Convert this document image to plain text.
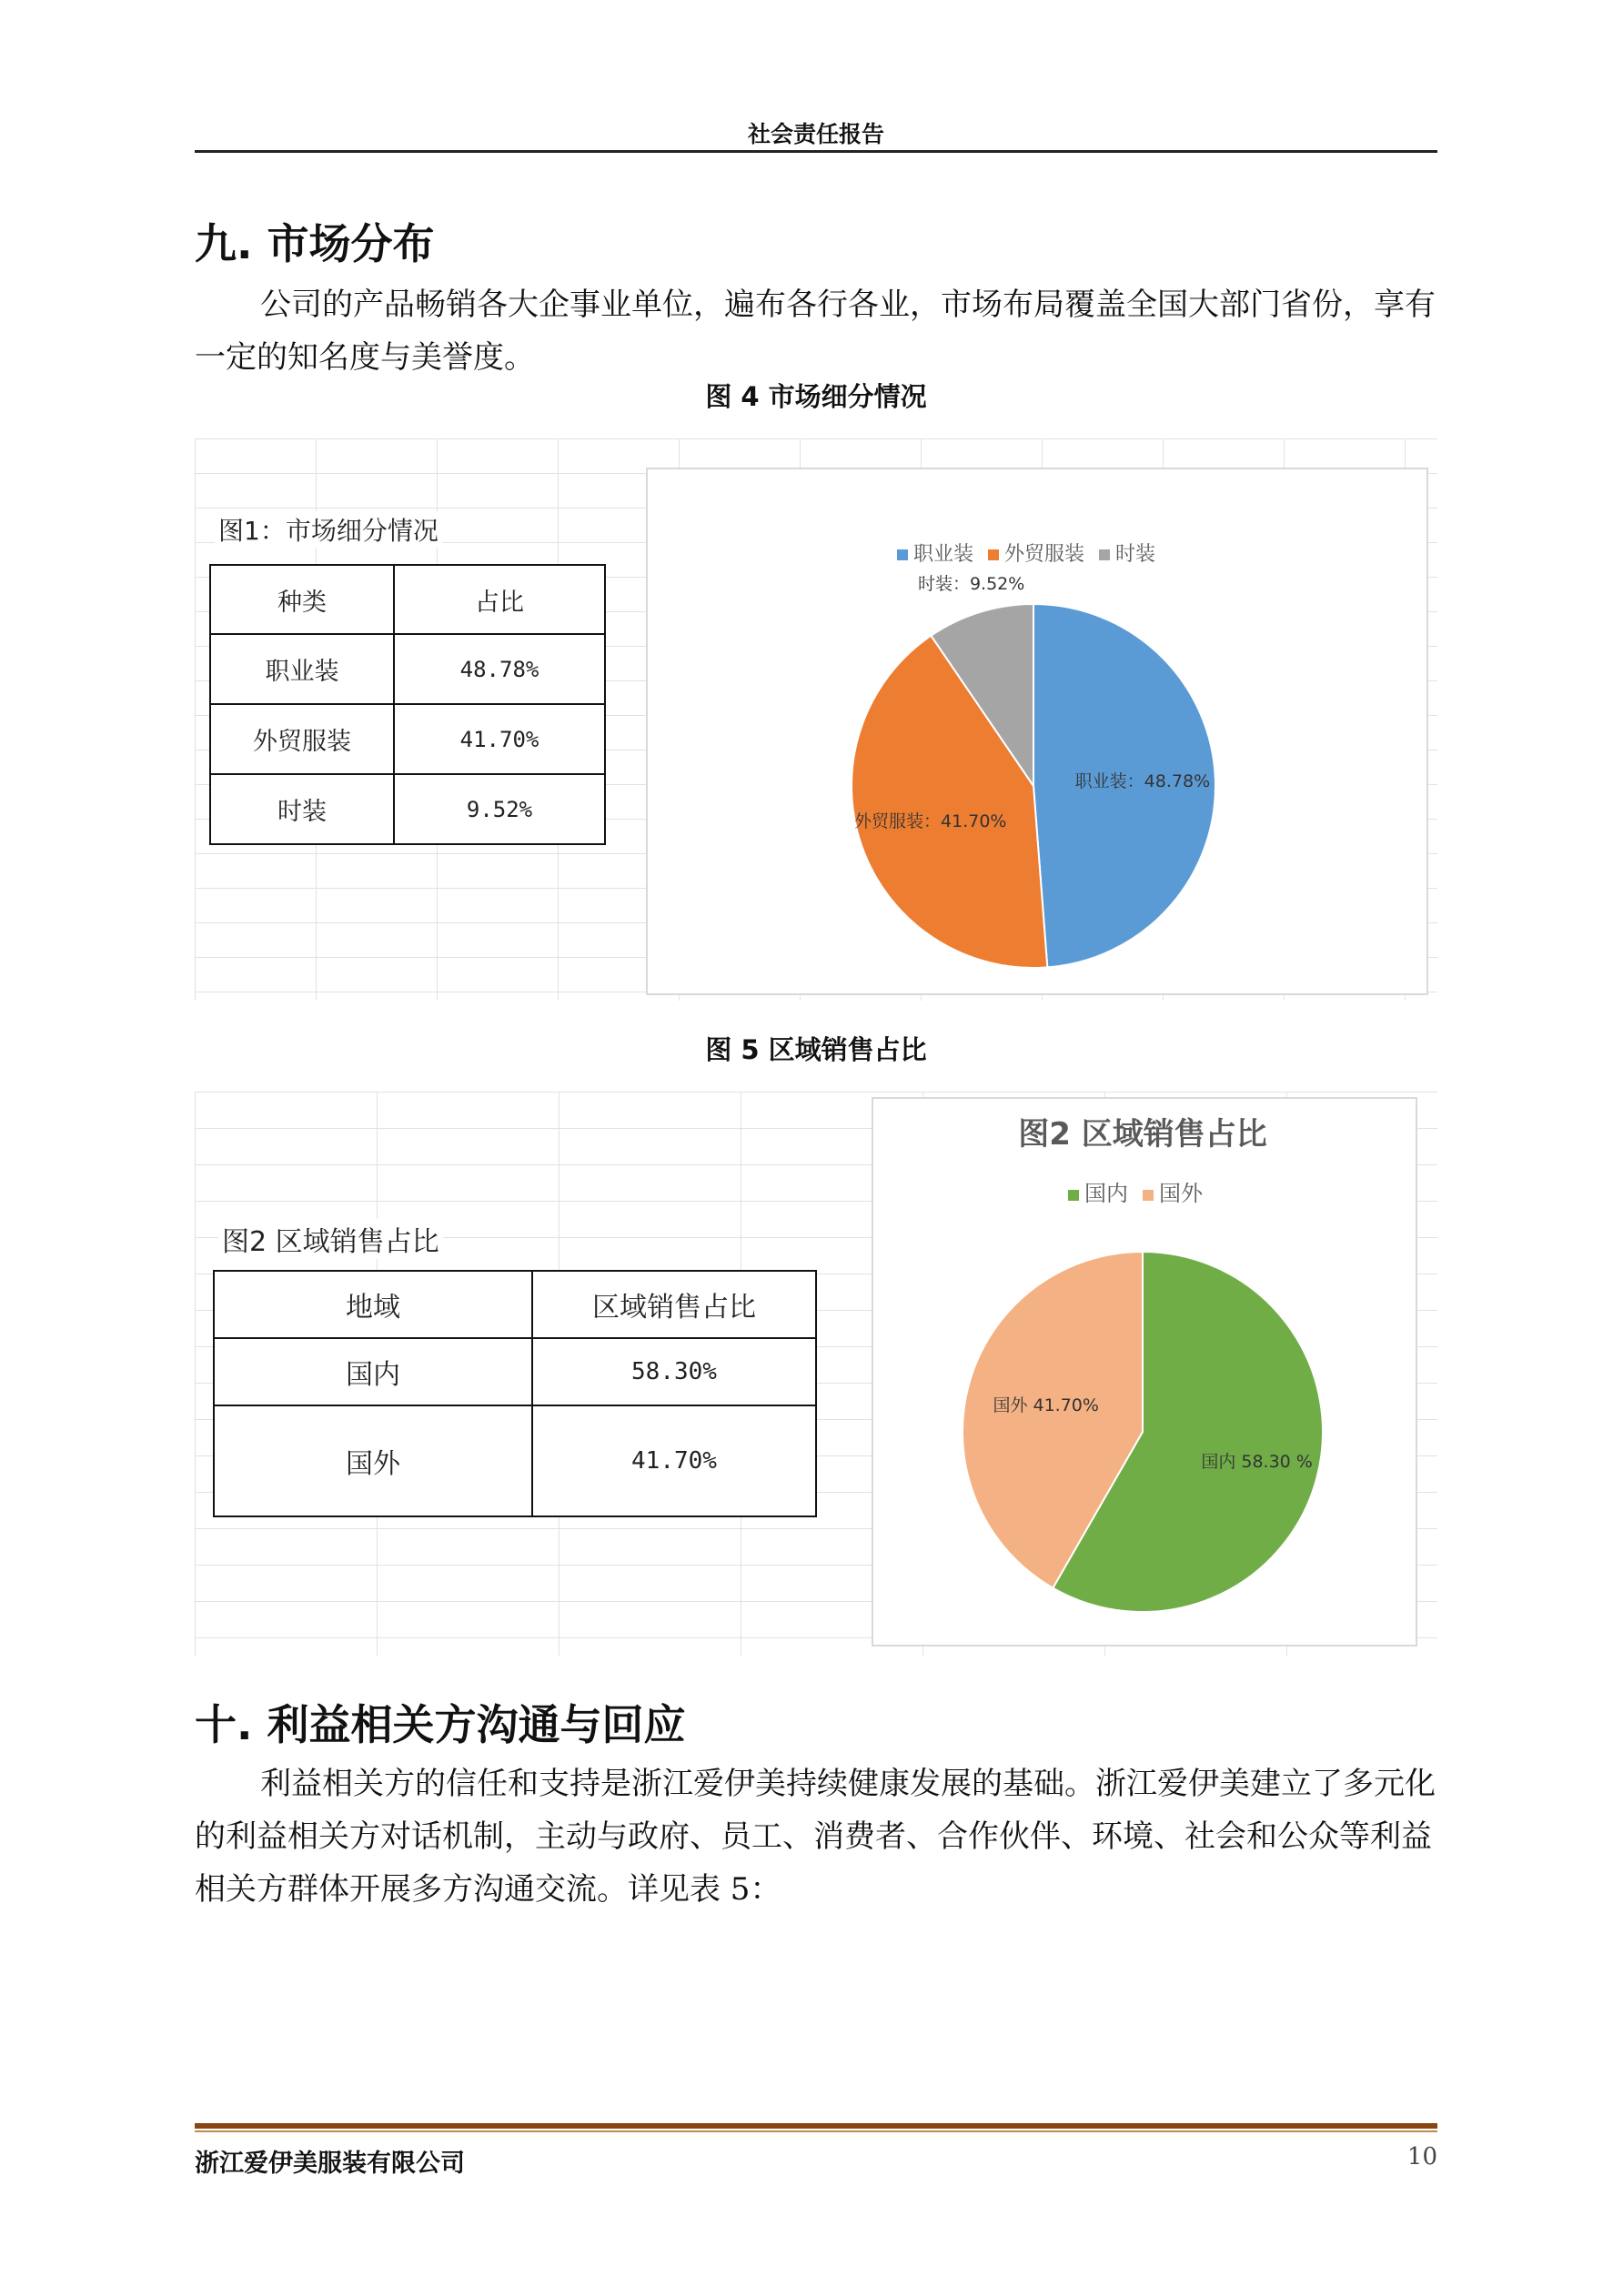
社会责任报告
九. 市场分布

公司的产品畅销各大企事业单位，遍布各行各业，市场布局覆盖全国大部门省份，享有一定的知名度与美誉度。

图 4 市场细分情况
图1：市场细分情况
种类	占比
职业装	48.78%
外贸服装	41.70%
时装	9.52%
职业装 外贸服装 时装
职业装：48.78%
外贸服装：41.70%
时装：9.52%
图 5 区域销售占比
图2 区域销售占比
地域	区域销售占比
国内	58.30%
国外	41.70%
图2 区域销售占比
国内 国外
国内 58.30 %
国外 41.70%
十. 利益相关方沟通与回应

利益相关方的信任和支持是浙江爱伊美持续健康发展的基础。浙江爱伊美建立了多元化的利益相关方对话机制，主动与政府、员工、消费者、合作伙伴、环境、社会和公众等利益相关方群体开展多方沟通交流。详见表 5：

浙江爱伊美服装有限公司	10
